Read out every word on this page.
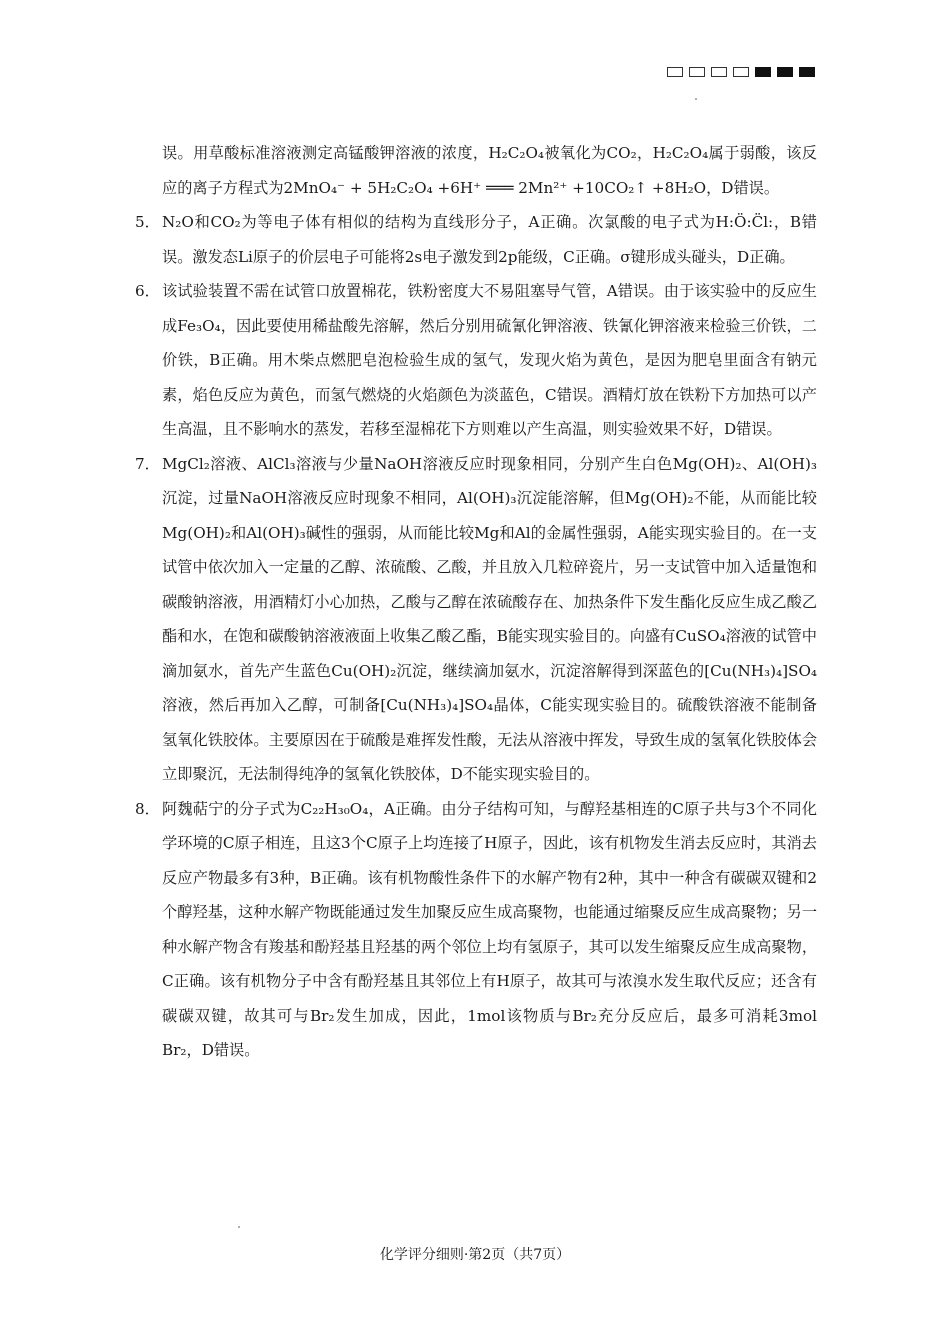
误。用草酸标准溶液测定高锰酸钾溶液的浓度，H₂C₂O₄被氧化为CO₂，H₂C₂O₄属于弱酸，该反应的离子方程式为2MnO₄⁻ + 5H₂C₂O₄ +6H⁺ ═══ 2Mn²⁺ +10CO₂↑ +8H₂O，D错误。

5． N₂O和CO₂为等电子体有相似的结构为直线形分子，A正确。次氯酸的电子式为H:Ö:C̈l:，B错误。激发态Li原子的价层电子可能将2s电子激发到2p能级，C正确。σ键形成头碰头，D正确。

6． 该试验装置不需在试管口放置棉花，铁粉密度大不易阻塞导气管，A错误。由于该实验中的反应生成Fe₃O₄，因此要使用稀盐酸先溶解，然后分别用硫氰化钾溶液、铁氰化钾溶液来检验三价铁，二价铁，B正确。用木柴点燃肥皂泡检验生成的氢气，发现火焰为黄色，是因为肥皂里面含有钠元素，焰色反应为黄色，而氢气燃烧的火焰颜色为淡蓝色，C错误。酒精灯放在铁粉下方加热可以产生高温，且不影响水的蒸发，若移至湿棉花下方则难以产生高温，则实验效果不好，D错误。

7． MgCl₂溶液、AlCl₃溶液与少量NaOH溶液反应时现象相同，分别产生白色Mg(OH)₂、Al(OH)₃沉淀，过量NaOH溶液反应时现象不相同，Al(OH)₃沉淀能溶解，但Mg(OH)₂不能，从而能比较Mg(OH)₂和Al(OH)₃碱性的强弱，从而能比较Mg和Al的金属性强弱，A能实现实验目的。在一支试管中依次加入一定量的乙醇、浓硫酸、乙酸，并且放入几粒碎瓷片，另一支试管中加入适量饱和碳酸钠溶液，用酒精灯小心加热，乙酸与乙醇在浓硫酸存在、加热条件下发生酯化反应生成乙酸乙酯和水，在饱和碳酸钠溶液液面上收集乙酸乙酯，B能实现实验目的。向盛有CuSO₄溶液的试管中滴加氨水，首先产生蓝色Cu(OH)₂沉淀，继续滴加氨水，沉淀溶解得到深蓝色的[Cu(NH₃)₄]SO₄溶液，然后再加入乙醇，可制备[Cu(NH₃)₄]SO₄晶体，C能实现实验目的。硫酸铁溶液不能制备氢氧化铁胶体。主要原因在于硫酸是难挥发性酸，无法从溶液中挥发，导致生成的氢氧化铁胶体会立即聚沉，无法制得纯净的氢氧化铁胶体，D不能实现实验目的。

8． 阿魏萜宁的分子式为C₂₂H₃₀O₄，A正确。由分子结构可知，与醇羟基相连的C原子共与3个不同化学环境的C原子相连，且这3个C原子上均连接了H原子，因此，该有机物发生消去反应时，其消去反应产物最多有3种，B正确。该有机物酸性条件下的水解产物有2种，其中一种含有碳碳双键和2个醇羟基，这种水解产物既能通过发生加聚反应生成高聚物，也能通过缩聚反应生成高聚物；另一种水解产物含有羧基和酚羟基且羟基的两个邻位上均有氢原子，其可以发生缩聚反应生成高聚物，C正确。该有机物分子中含有酚羟基且其邻位上有H原子，故其可与浓溴水发生取代反应；还含有碳碳双键，故其可与Br₂发生加成，因此，1mol该物质与Br₂充分反应后，最多可消耗3mol Br₂，D错误。

化学评分细则·第2页（共7页）
